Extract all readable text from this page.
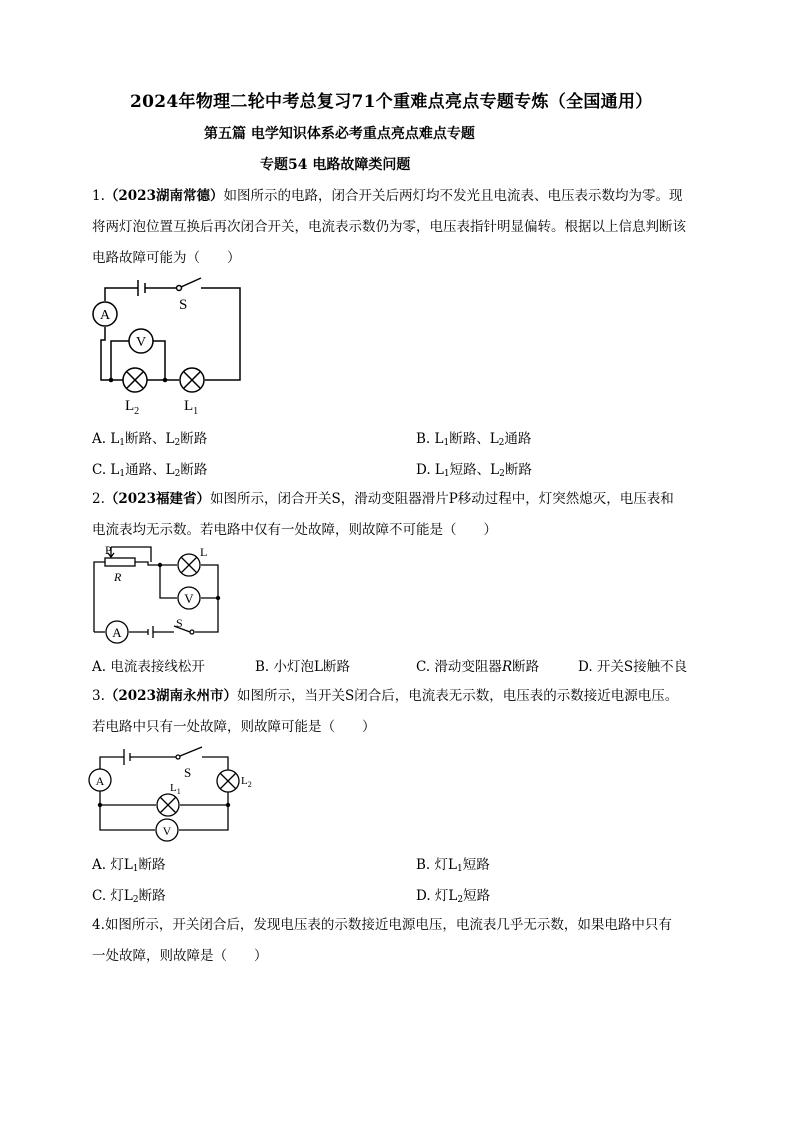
2024年物理二轮中考总复习71个重难点亮点专题专炼（全国通用）
第五篇 电学知识体系必考重点亮点难点专题
专题54 电路故障类问题
1.（2023湖南常德）如图所示的电路，闭合开关后两灯均不发光且电流表、电压表示数均为零。现
将两灯泡位置互换后再次闭合开关，电流表示数仍为零，电压表指针明显偏转。根据以上信息判断该
电路故障可能为（　　）
A
V
S
$L_2$	$L_1$
A. $L_1$断路、$L_2$断路	B. $L_1$断路、$L_2$通路
C. $L_1$通路、$L_2$断路	D. $L_1$短路、$L_2$断路
2.（2023福建省）如图所示，闭合开关S，滑动变阻器滑片P移动过程中，灯突然熄灭，电压表和
电流表均无示数。若电路中仅有一处故障，则故障不可能是（　　）
V
A
P
R
L
S
A. 电流表接线松开	B. 小灯泡L断路	C. 滑动变阻器R断路	D. 开关S接触不良
3.（2023湖南永州市）如图所示，当开关S闭合后，电流表无示数，电压表的示数接近电源电压。
若电路中只有一处故障，则故障可能是（　　）
A
V
S
$L_1$
$L_2$
A. 灯$L_1$断路	B. 灯$L_1$短路
C. 灯$L_2$断路	D. 灯$L_2$短路
4.如图所示，开关闭合后，发现电压表的示数接近电源电压，电流表几乎无示数，如果电路中只有
一处故障，则故障是（　　）
